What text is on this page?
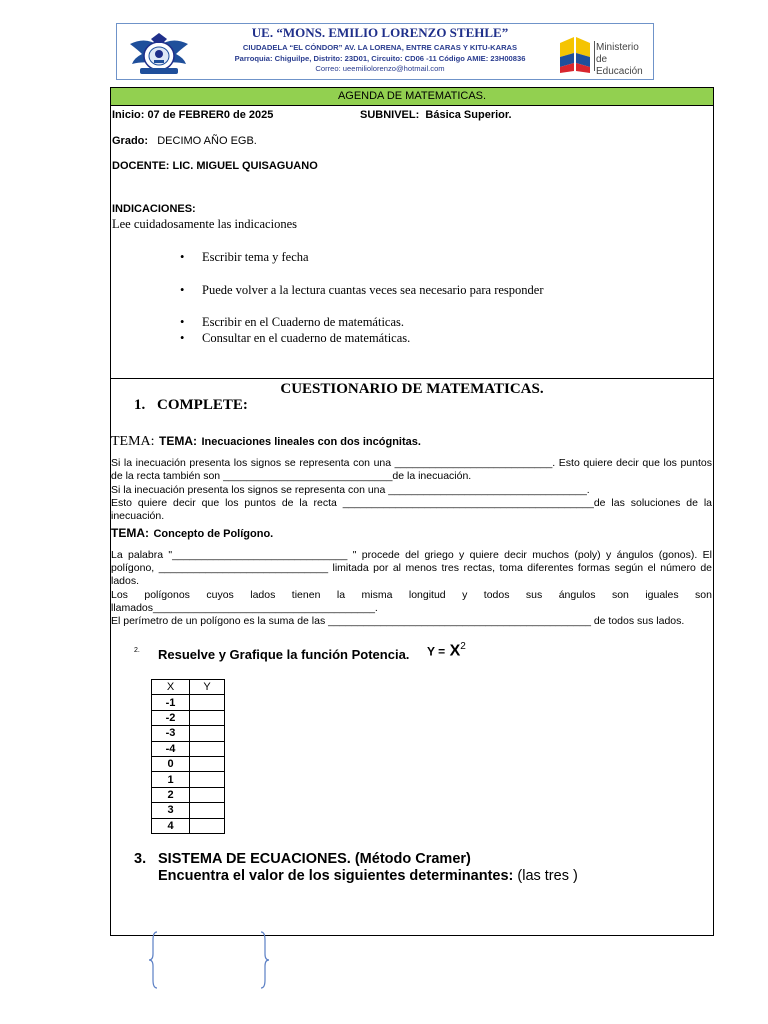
UE. “MONS. EMILIO LORENZO STEHLE”
CIUDADELA “EL CÓNDOR” AV. LA LORENA, ENTRE CARAS Y KITU-KARAS
Parroquia: Chiguilpe, Distrito: 23D01, Circuito: CD06 -11 Código AMIE: 23H00836
Correo: ueemiliolorenzo@hotmail.com
Ministerio
de Educación
AGENDA DE MATEMATICAS.
Inicio: 07 de FEBRER0 de 2025	SUBNIVEL: Básica Superior.
Grado: DECIMO AÑO EGB.
DOCENTE: LIC. MIGUEL QUISAGUANO
INDICACIONES:
Lee cuidadosamente las indicaciones
• Escribir tema y fecha
• Puede volver a la lectura cuantas veces sea necesario para responder
• Escribir en el Cuaderno de matemáticas.
• Consultar en el cuaderno de matemáticas.
CUESTIONARIO DE MATEMATICAS.
1. COMPLETE:
TEMA: TEMA: Inecuaciones lineales con dos incógnitas.
Si la inecuación presenta los signos se representa con una ___________________________. Esto quiere decir que los puntos de la recta también son _____________________________de la inecuación.
Si la inecuación presenta los signos se representa con una __________________________________.
Esto quiere decir que los puntos de la recta ___________________________________________de las soluciones de la inecuación.
TEMA: Concepto de Polígono.
La palabra "______________________________ " procede del griego y quiere decir muchos (poly) y ángulos (gonos). El polígono, _____________________________ limitada por al menos tres rectas, toma diferentes formas según el número de lados.
Los polígonos cuyos lados tienen la misma longitud y todos sus ángulos son iguales son llamados______________________________________.
El perímetro de un polígono es la suma de las _____________________________________________ de todos sus lados.
2. Resuelve y Grafique la función Potencia. $Y = X^2$
X	Y
-1	
-2	
-3	
-4	
0	
1	
2	
3	
4	
3. SISTEMA DE ECUACIONES. (Método Cramer)
Encuentra el valor de los siguientes determinantes: (las tres )
